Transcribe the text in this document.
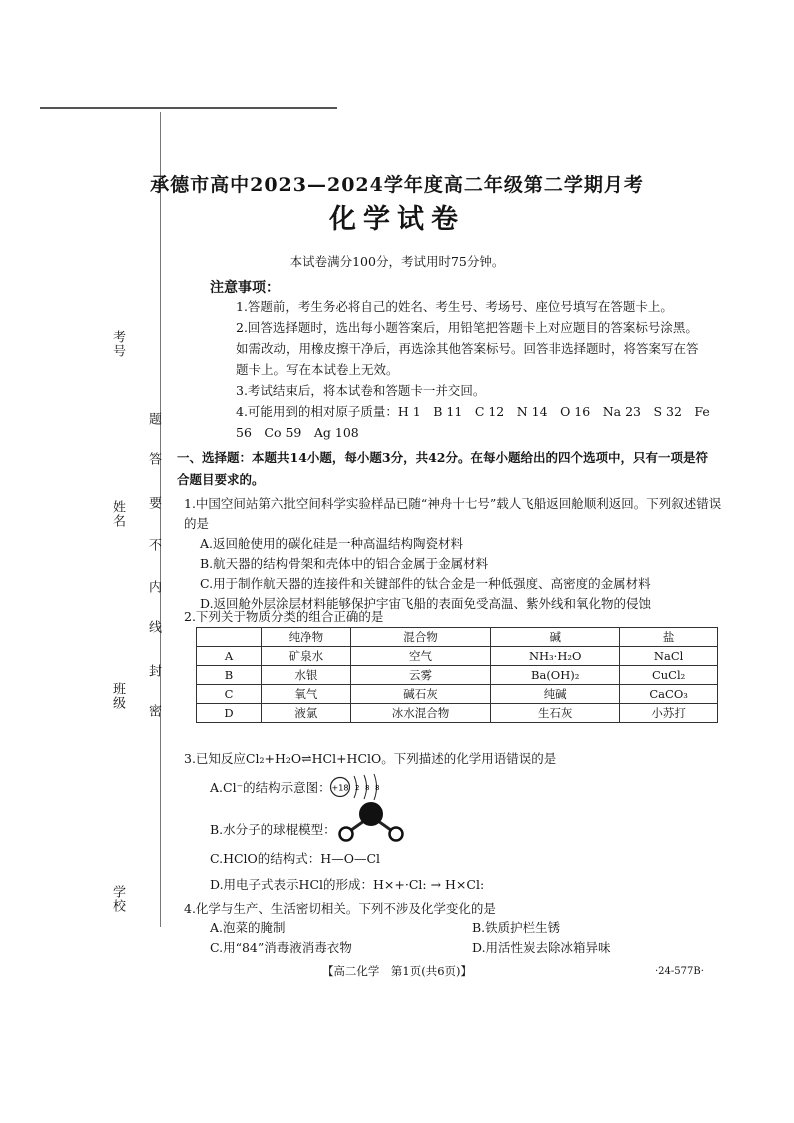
考号
姓名
班级
学校
题
答
要
不
内
线
封
密
承德市高中2023—2024学年度高二年级第二学期月考
化学试卷
本试卷满分100分，考试用时75分钟。
注意事项：
1.答题前，考生务必将自己的姓名、考生号、考场号、座位号填写在答题卡上。
2.回答选择题时，选出每小题答案后，用铅笔把答题卡上对应题目的答案标号涂黑。如需改动，用橡皮擦干净后，再选涂其他答案标号。回答非选择题时，将答案写在答题卡上。写在本试卷上无效。
3.考试结束后，将本试卷和答题卡一并交回。
4.可能用到的相对原子质量：H 1　B 11　C 12　N 14　O 16　Na 23　S 32　Fe 56　Co 59　Ag 108
一、选择题：本题共14小题，每小题3分，共42分。在每小题给出的四个选项中，只有一项是符合题目要求的。
1.中国空间站第六批空间科学实验样品已随“神舟十七号”载人飞船返回舱顺利返回。下列叙述错误的是
A.返回舱使用的碳化硅是一种高温结构陶瓷材料
B.航天器的结构骨架和壳体中的铝合金属于金属材料
C.用于制作航天器的连接件和关键部件的钛合金是一种低强度、高密度的金属材料
D.返回舱外层涂层材料能够保护宇宙飞船的表面免受高温、紫外线和氧化物的侵蚀
2.下列关于物质分类的组合正确的是
	纯净物	混合物	碱	盐
A	矿泉水	空气	NH₃·H₂O	NaCl
B	水银	云雾	Ba(OH)₂	CuCl₂
C	氧气	碱石灰	纯碱	CaCO₃
D	液氯	冰水混合物	生石灰	小苏打
3.已知反应Cl₂+H₂O⇌HCl+HClO。下列描述的化学用语错误的是
A.Cl⁻的结构示意图： +18 2 8 8
B.水分子的球棍模型：
C.HClO的结构式：H—O—Cl
D.用电子式表示HCl的形成：H×+·Cl: → H×Cl:
4.化学与生产、生活密切相关。下列不涉及化学变化的是
A.泡菜的腌制	B.铁质护栏生锈
C.用“84”消毒液消毒衣物	D.用活性炭去除冰箱异味
【高二化学　第1页(共6页)】	·24-577B·
